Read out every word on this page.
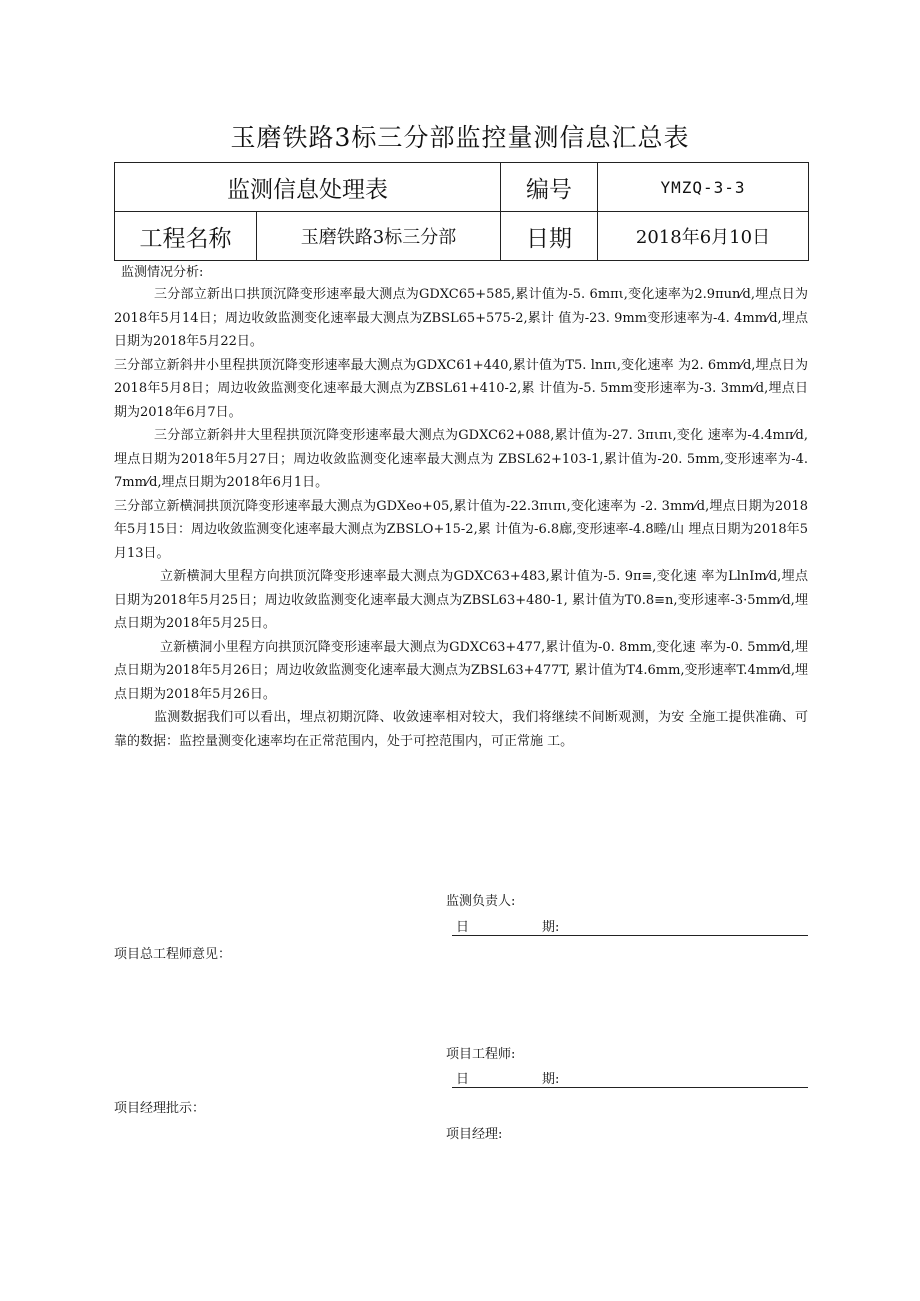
玉磨铁路3标三分部监控量测信息汇总表
监测信息处理表		编号	YMZQ-3-3
工程名称	玉磨铁路3标三分部	日期	2018年6月10日
监测情况分析:

三分部立新出口拱顶沉降变形速率最大测点为GDXC65+585,累计值为-5. 6mπι,变化速率为2.9πun⁄d,埋点日为2018年5月14日；周边收敛监测变化速率最大测点为ZBSL65+575-2,累计 值为-23. 9mm变形速率为-4. 4mm⁄d,埋点日期为2018年5月22日。

三分部立新斜井小里程拱顶沉降变形速率最大测点为GDXC61+440,累计值为T5. lnπι,变化速率 为2. 6mm⁄d,埋点日为2018年5月8日；周边收敛监测变化速率最大测点为ZBSL61+410-2,累 计值为-5. 5mm变形速率为-3. 3mm⁄d,埋点日期为2018年6月7日。

三分部立新斜井大里程拱顶沉降变形速率最大测点为GDXC62+088,累计值为-27. 3πιπι,变化 速率为-4.4mπ⁄d,埋点日期为2018年5月27日；周边收敛监测变化速率最大测点为 ZBSL62+103-1,累计值为-20. 5mm,变形速率为-4. 7mm⁄d,埋点日期为2018年6月1日。

三分部立新横洞拱顶沉降变形速率最大测点为GDXeo+05,累计值为-22.3πιπι,变化速率为 -2. 3mm⁄d,埋点日期为2018年5月15日：周边收敛监测变化速率最大测点为ZBSLO+15-2,累 计值为-6.8廊,变形速率-4.8畻/山 埋点日期为2018年5月13日。

立新横洞大里程方向拱顶沉降变形速率最大测点为GDXC63+483,累计值为-5. 9π≡,变化速 率为LlnIm⁄d,埋点日期为2018年5月25日；周边收敛监测变化速率最大测点为ZBSL63+480-1, 累计值为T0.8≡n,变形速率-3·5mm⁄d,埋点日期为2018年5月25日。

立新横洞小里程方向拱顶沉降变形速率最大测点为GDXC63+477,累计值为-0. 8mm,变化速 率为-0. 5mm⁄d,埋点日期为2018年5月26日；周边收敛监测变化速率最大测点为ZBSL63+477T, 累计值为T4.6mm,变形速率T.4mm⁄d,埋点日期为2018年5月26日。

监测数据我们可以看出，埋点初期沉降、收敛速率相对较大，我们将继续不间断观测，为安 全施工提供准确、可靠的数据：监控量测变化速率均在正常范围内，处于可控范围内，可正常施 工。

监测负责人:
日	期:
项目总工程师意见：
项目工程师:
日	期:
项目经理批示：
项目经理:
